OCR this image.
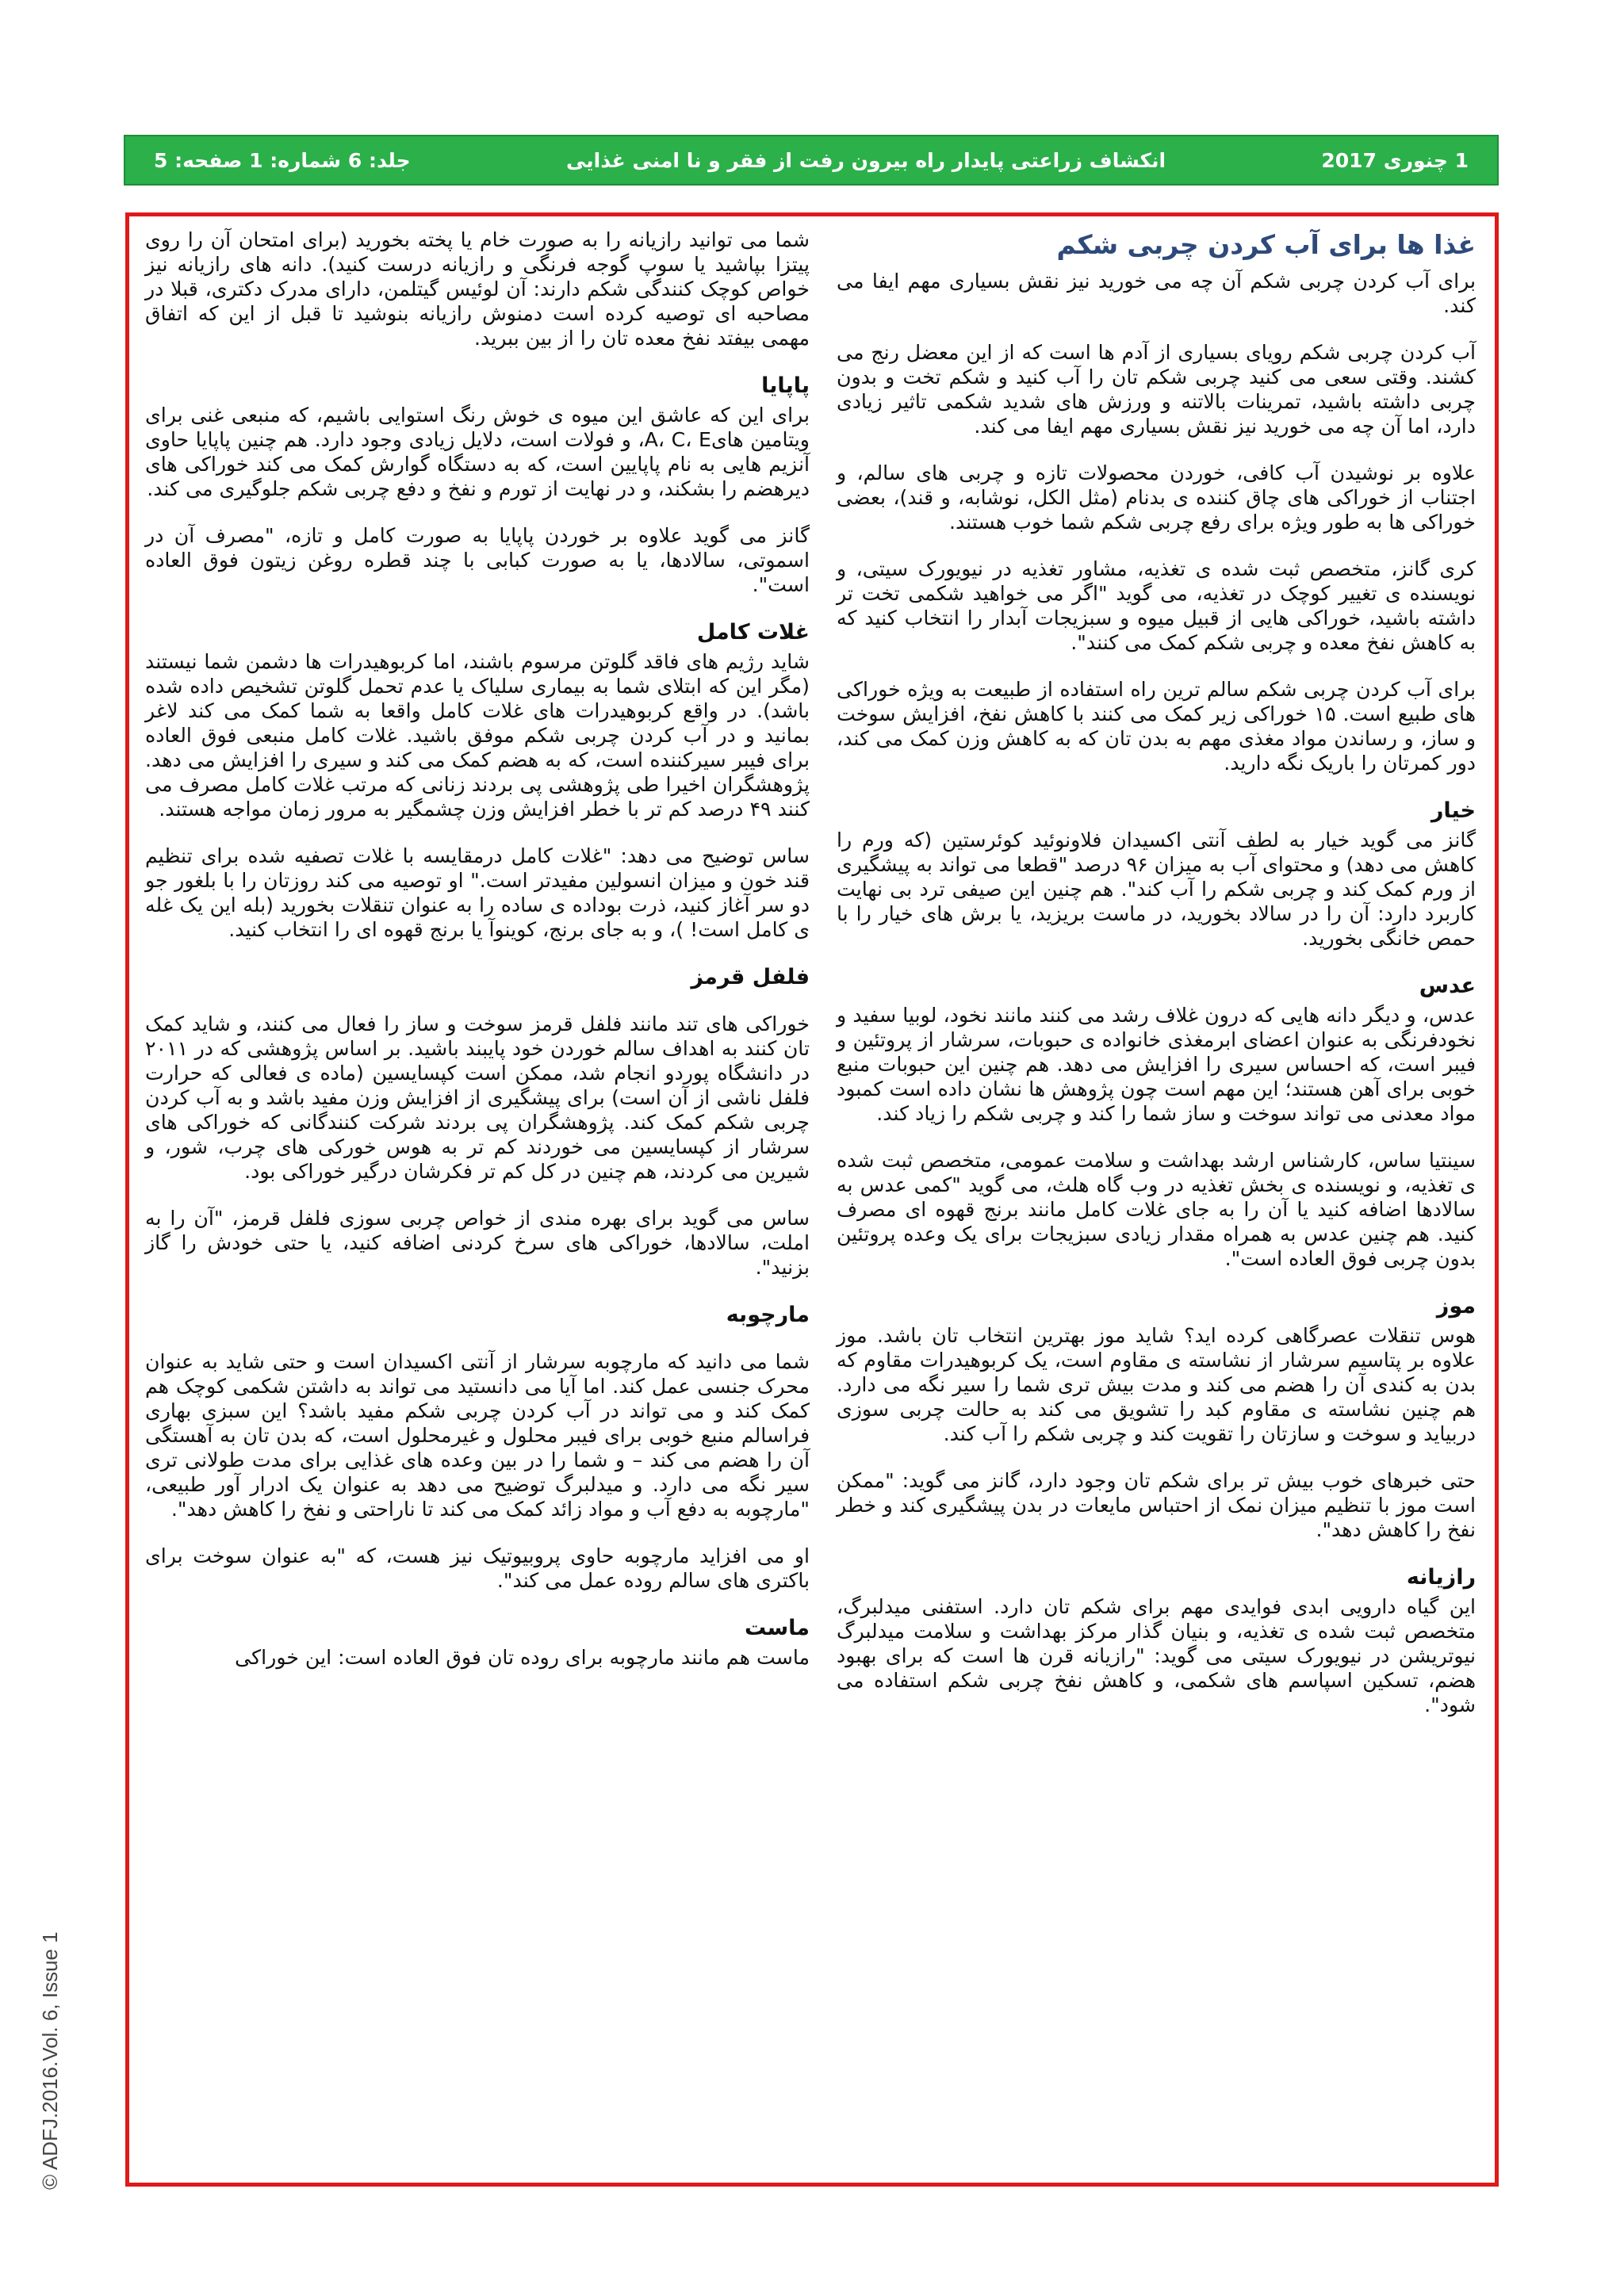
1 چنوری 2017
انکشاف زراعتی پایدار راه بیرون رفت از فقر و نا امنی غذایی
جلد: 6 شماره: 1 صفحه: 5
غذا ها برای آب کردن چربی شکم

برای آب کردن چربی شکم آن چه می خورید نیز نقش بسیاری مهم ایفا می کند.

آب کردن چربی شکم رویای بسیاری از آدم ها است که از این معضل رنج می کشند. وقتی سعی می کنید چربی شکم تان را آب کنید و شکم تخت و بدون چربی داشته باشید، تمرینات بالاتنه و ورزش های شدید شکمی تاثیر زیادی دارد، اما آن چه می خورید نیز نقش بسیاری مهم ایفا می کند.

علاوه بر نوشیدن آب کافی، خوردن محصولات تازه و چربی های سالم، و اجتناب از خوراکی های چاق کننده ی بدنام (مثل الکل، نوشابه، و قند)، بعضی خوراکی ها به طور ویژه برای رفع چربی شکم شما خوب هستند.

کری گانز، متخصص ثبت شده ی تغذیه، مشاور تغذیه در نیویورک سیتی، و نویسنده ی تغییر کوچک در تغذیه، می گوید "اگر می خواهید شکمی تخت تر داشته باشید، خوراکی هایی از قبیل میوه و سبزیجات آبدار را انتخاب کنید که به کاهش نفخ معده و چربی شکم کمک می کنند".

برای آب کردن چربی شکم سالم ترین راه استفاده از طبیعت به ویژه خوراکی های طبیع است. ۱۵ خوراکی زیر کمک می کنند با کاهش نفخ، افزایش سوخت و ساز، و رساندن مواد مغذی مهم به بدن تان که به کاهش وزن کمک می کند، دور کمرتان را باریک نگه دارید.

خیار

گانز می گوید خیار به لطف آنتی اکسیدان فلاونوئید کوئرستین (که ورم را کاهش می دهد) و محتوای آب به میزان ۹۶ درصد "قطعا می تواند به پیشگیری از ورم کمک کند و چربی شکم را آب کند". هم چنین این صیفی ترد بی نهایت کاربرد دارد: آن را در سالاد بخورید، در ماست بریزید، یا برش های خیار را با حمص خانگی بخورید.

عدس

عدس، و دیگر دانه هایی که درون غلاف رشد می کنند مانند نخود، لوبیا سفید و نخودفرنگی به عنوان اعضای ابرمغذی خانواده ی حبوبات، سرشار از پروتئین و فیبر است، که احساس سیری را افزایش می دهد. هم چنین این حبوبات منبع خوبی برای آهن هستند؛ این مهم است چون پژوهش ها نشان داده است کمبود مواد معدنی می تواند سوخت و ساز شما را کند و چربی شکم را زیاد کند.

سینتیا ساس، کارشناس ارشد بهداشت و سلامت عمومی، متخصص ثبت شده ی تغذیه، و نویسنده ی بخش تغذیه در وب گاه هلث، می گوید "کمی عدس به سالادها اضافه کنید یا آن را به جای غلات کامل مانند برنج قهوه ای مصرف کنید. هم چنین عدس به همراه مقدار زیادی سبزیجات برای یک وعده پروتئین بدون چربی فوق العاده است".

موز

هوس تنقلات عصرگاهی کرده اید؟ شاید موز بهترین انتخاب تان باشد. موز علاوه بر پتاسیم سرشار از نشاسته ی مقاوم است، یک کربوهیدرات مقاوم که بدن به کندی آن را هضم می کند و مدت بیش تری شما را سیر نگه می دارد. هم چنین نشاسته ی مقاوم کبد را تشویق می کند به حالت چربی سوزی دربیاید و سوخت و سازتان را تقویت کند و چربی شکم را آب کند.

حتی خبرهای خوب بیش تر برای شکم تان وجود دارد، گانز می گوید: "ممکن است موز با تنظیم میزان نمک از احتباس مایعات در بدن پیشگیری کند و خطر نفخ را کاهش دهد".

رازیانه

این گیاه دارویی ابدی فوایدی مهم برای شکم تان دارد. استفنی میدلبرگ، متخصص ثبت شده ی تغذیه، و بنیان گذار مرکز بهداشت و سلامت میدلبرگ نیوتریشن در نیویورک سیتی می گوید: "رازیانه قرن ها است که برای بهبود هضم، تسکین اسپاسم های شکمی، و کاهش نفخ چربی شکم استفاده می شود".

شما می توانید رازیانه را به صورت خام یا پخته بخورید (برای امتحان آن را روی پیتزا بپاشید یا سوپ گوجه فرنگی و رازیانه درست کنید). دانه های رازیانه نیز خواص کوچک کنندگی شکم دارند: آن لوئیس گیتلمن، دارای مدرک دکتری، قبلا در مصاحبه ای توصیه کرده است دمنوش رازیانه بنوشید تا قبل از این که اتفاق مهمی بیفتد نفخ معده تان را از بین ببرید.

پاپایا

برای این که عاشق این میوه ی خوش رنگ استوایی باشیم، که منبعی غنی برای ویتامین هایA، C، E، و فولات است، دلایل زیادی وجود دارد. هم چنین پاپایا حاوی آنزیم هایی به نام پاپایین است، که به دستگاه گوارش کمک می کند خوراکی های دیرهضم را بشکند، و در نهایت از تورم و نفخ و دفع چربی شکم جلوگیری می کند.

گانز می گوید علاوه بر خوردن پاپایا به صورت کامل و تازه، "مصرف آن در اسموتی، سالادها، یا به صورت کبابی با چند قطره روغن زیتون فوق العاده است".

غلات کامل

شاید رژیم های فاقد گلوتن مرسوم باشند، اما کربوهیدرات ها دشمن شما نیستند (مگر این که ابتلای شما به بیماری سلیاک یا عدم تحمل گلوتن تشخیص داده شده باشد). در واقع کربوهیدرات های غلات کامل واقعا به شما کمک می کند لاغر بمانید و در آب کردن چربی شکم موفق باشید. غلات کامل منبعی فوق العاده برای فیبر سیرکننده است، که به هضم کمک می کند و سیری را افزایش می دهد. پژوهشگران اخیرا طی پژوهشی پی بردند زنانی که مرتب غلات کامل مصرف می کنند ۴۹ درصد کم تر با خطر افزایش وزن چشمگیر به مرور زمان مواجه هستند.

ساس توضیح می دهد: "غلات کامل درمقایسه با غلات تصفیه شده برای تنظیم قند خون و میزان انسولین مفیدتر است." او توصیه می کند روزتان را با بلغور جو دو سر آغاز کنید، ذرت بوداده ی ساده را به عنوان تنقلات بخورید (بله این یک غله ی کامل است! )، و به جای برنج، کوینوآ یا برنج قهوه ای را انتخاب کنید.

فلفل قرمز

خوراکی های تند مانند فلفل قرمز سوخت و ساز را فعال می کنند، و شاید کمک تان کنند به اهداف سالم خوردن خود پایبند باشید. بر اساس پژوهشی که در ۲۰۱۱ در دانشگاه پوردو انجام شد، ممکن است کپسایسین (ماده ی فعالی که حرارت فلفل ناشی از آن است) برای پیشگیری از افزایش وزن مفید باشد و به آب کردن چربی شکم کمک کند. پژوهشگران پی بردند شرکت کنندگانی که خوراکی های سرشار از کپسایسین می خوردند کم تر به هوس خورکی های چرب، شور، و شیرین می کردند، هم چنین در کل کم تر فکرشان درگیر خوراکی بود.

ساس می گوید برای بهره مندی از خواص چربی سوزی فلفل قرمز، "آن را به املت، سالادها، خوراکی های سرخ کردنی اضافه کنید، یا حتی خودش را گاز بزنید".

مارچوبه

شما می دانید که مارچوبه سرشار از آنتی اکسیدان است و حتی شاید به عنوان محرک جنسی عمل کند. اما آیا می دانستید می تواند به داشتن شکمی کوچک هم کمک کند و می تواند در آب کردن چربی شکم مفید باشد؟ این سبزی بهاری فراسالم منبع خوبی برای فیبر محلول و غیرمحلول است، که بدن تان به آهستگی آن را هضم می کند – و شما را در بین وعده های غذایی برای مدت طولانی تری سیر نگه می دارد. و میدلبرگ توضیح می دهد به عنوان یک ادرار آور طبیعی، "مارچوبه به دفع آب و مواد زائد کمک می کند تا ناراحتی و نفخ را کاهش دهد".

او می افزاید مارچوبه حاوی پروبیوتیک نیز هست، که "به عنوان سوخت برای باکتری های سالم روده عمل می کند".

ماست

ماست هم مانند مارچوبه برای روده تان فوق العاده است: این خوراکی

© ADFJ.2016.Vol. 6, Issue 1
